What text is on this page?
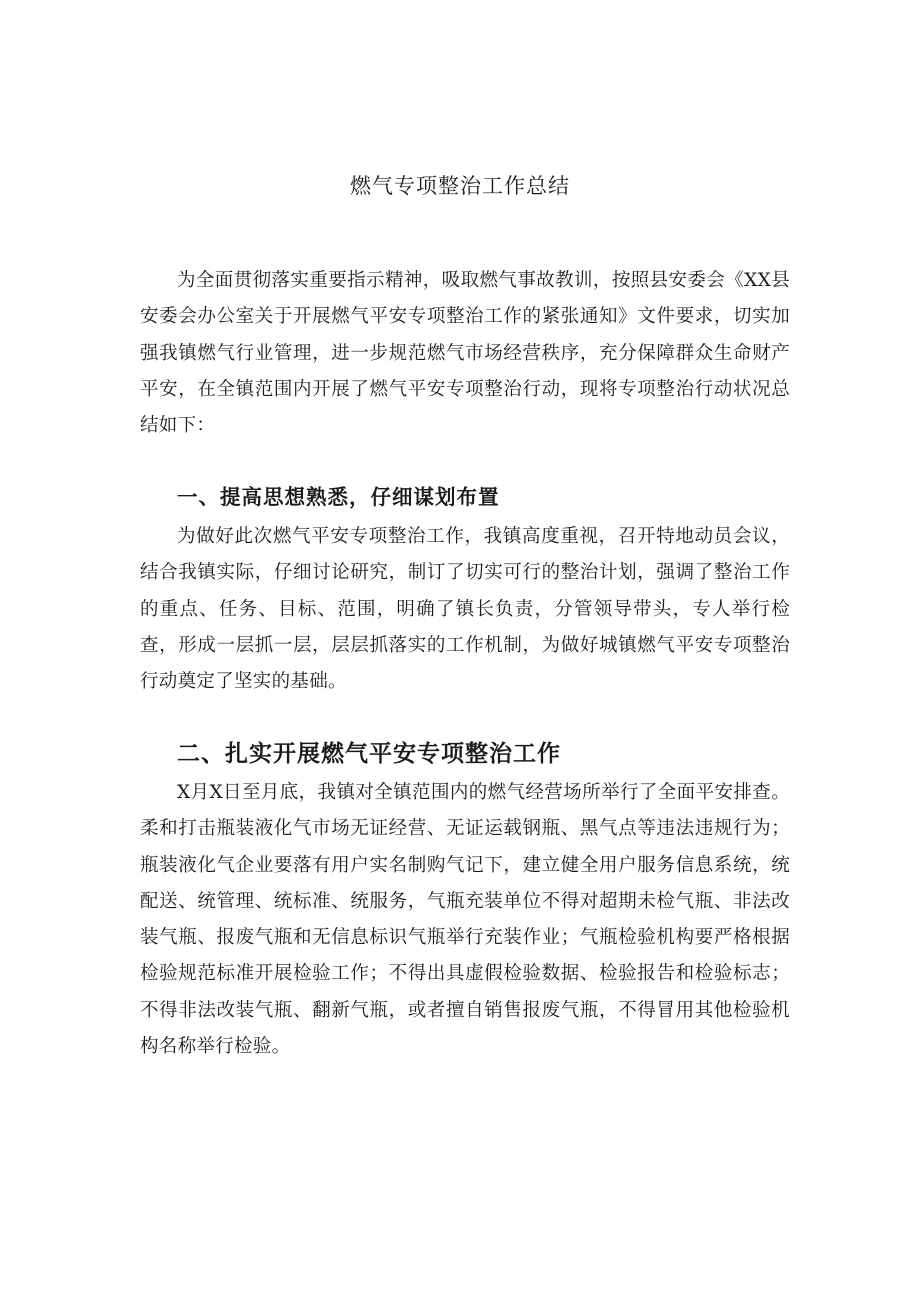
燃气专项整治工作总结

为全面贯彻落实重要指示精神，吸取燃气事故教训，按照县安委会《XX县安委会办公室关于开展燃气平安专项整治工作的紧张通知》文件要求，切实加强我镇燃气行业管理，进一步规范燃气市场经营秩序，充分保障群众生命财产平安，在全镇范围内开展了燃气平安专项整治行动，现将专项整治行动状况总结如下：

一、提高思想熟悉，仔细谋划布置

为做好此次燃气平安专项整治工作，我镇高度重视，召开特地动员会议，结合我镇实际，仔细讨论研究，制订了切实可行的整治计划，强调了整治工作的重点、任务、目标、范围，明确了镇长负责，分管领导带头，专人举行检查，形成一层抓一层，层层抓落实的工作机制，为做好城镇燃气平安专项整治行动奠定了坚实的基础。

二、扎实开展燃气平安专项整治工作

X月X日至月底，我镇对全镇范围内的燃气经营场所举行了全面平安排查。柔和打击瓶装液化气市场无证经营、无证运载钢瓶、黑气点等违法违规行为；瓶装液化气企业要落有用户实名制购气记下，建立健全用户服务信息系统，统配送、统管理、统标准、统服务，气瓶充装单位不得对超期未检气瓶、非法改装气瓶、报废气瓶和无信息标识气瓶举行充装作业；气瓶检验机构要严格根据检验规范标准开展检验工作；不得出具虚假检验数据、检验报告和检验标志；不得非法改装气瓶、翻新气瓶，或者擅自销售报废气瓶，不得冒用其他检验机构名称举行检验。
